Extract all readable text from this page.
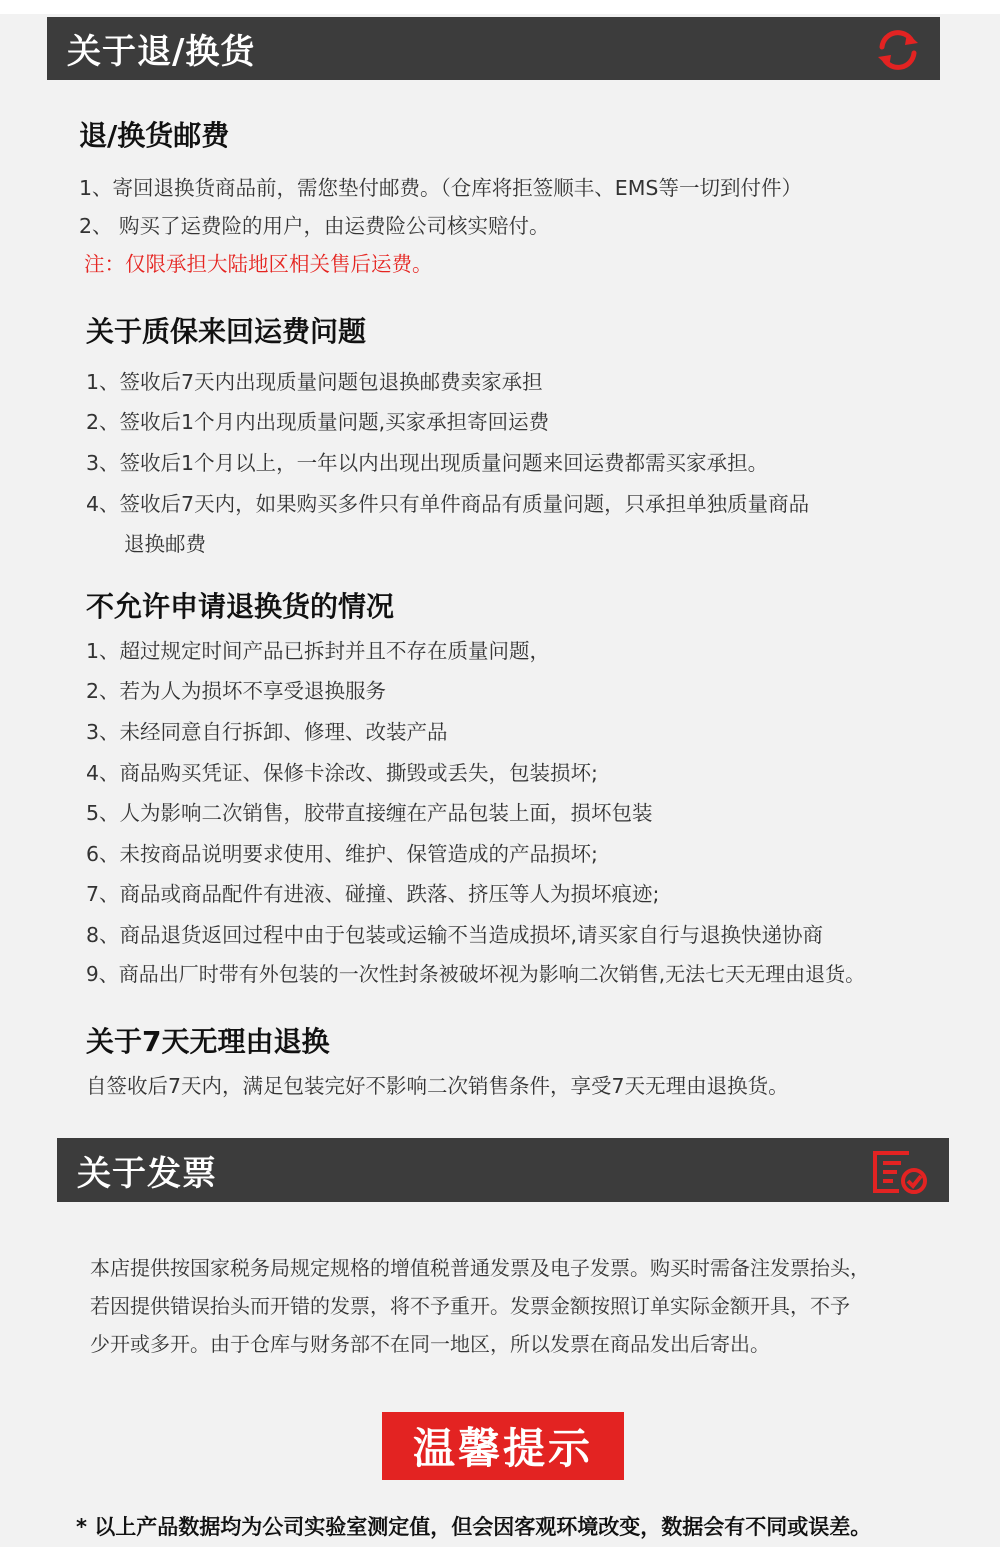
关于退/换货
退/换货邮费
1、寄回退换货商品前，需您垫付邮费。（仓库将拒签顺丰、EMS等一切到付件）
2、 购买了运费险的用户，由运费险公司核实赔付。
注：仅限承担大陆地区相关售后运费。
关于质保来回运费问题
1、签收后7天内出现质量问题包退换邮费卖家承担
2、签收后1个月内出现质量问题,买家承担寄回运费
3、签收后1个月以上，一年以内出现出现质量问题来回运费都需买家承担。
4、签收后7天内，如果购买多件只有单件商品有质量问题，只承担单独质量商品
退换邮费
不允许申请退换货的情况
1、超过规定时间产品已拆封并且不存在质量问题，
2、若为人为损坏不享受退换服务
3、未经同意自行拆卸、修理、改装产品
4、商品购买凭证、保修卡涂改、撕毁或丢失，包装损坏;
5、人为影响二次销售，胶带直接缠在产品包装上面，损坏包装
6、未按商品说明要求使用、维护、保管造成的产品损坏;
7、商品或商品配件有进液、碰撞、跌落、挤压等人为损坏痕迹;
8、商品退货返回过程中由于包装或运输不当造成损坏,请买家自行与退换快递协商
9、商品出厂时带有外包装的一次性封条被破坏视为影响二次销售,无法七天无理由退货。
关于7天无理由退换
自签收后7天内，满足包装完好不影响二次销售条件，享受7天无理由退换货。
关于发票
本店提供按国家税务局规定规格的增值税普通发票及电子发票。购买时需备注发票抬头，
若因提供错误抬头而开错的发票，将不予重开。发票金额按照订单实际金额开具，不予
少开或多开。由于仓库与财务部不在同一地区，所以发票在商品发出后寄出。
温馨提示
* 以上产品数据均为公司实验室测定值，但会因客观环境改变，数据会有不同或误差。
